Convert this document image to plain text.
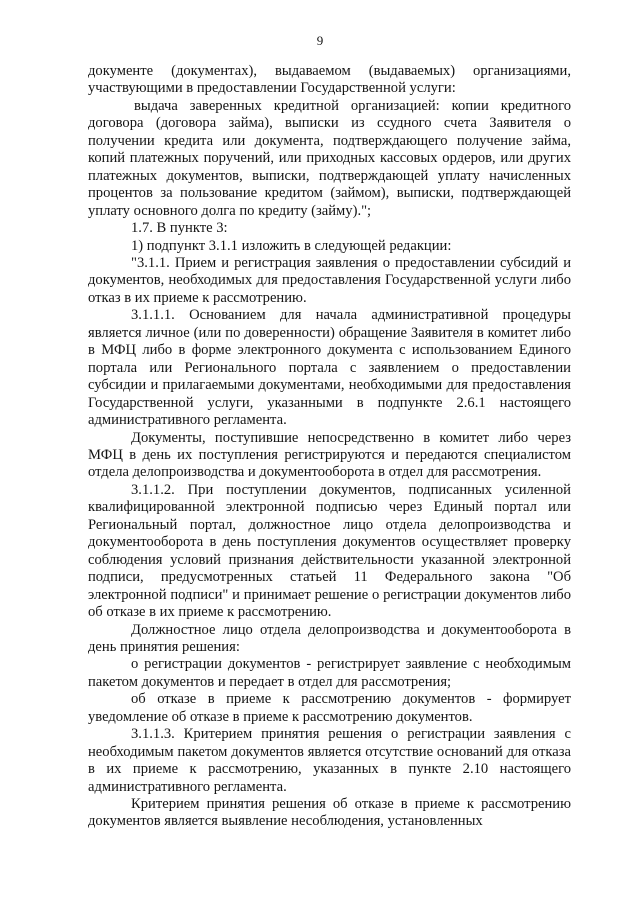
9

документе (документах), выдаваемом (выдаваемых) организациями, участвующими в предоставлении Государственной услуги:

выдача заверенных кредитной организацией: копии кредитного договора (договора займа), выписки из ссудного счета Заявителя о получении кредита или документа, подтверждающего получение займа, копий платежных поручений, или приходных кассовых ордеров, или других платежных документов, выписки, подтверждающей уплату начисленных процентов за пользование кредитом (займом), выписки, подтверждающей уплату основного долга по кредиту (займу).";

1.7. В пункте 3:

1) подпункт 3.1.1 изложить в следующей редакции:

"3.1.1. Прием и регистрация заявления о предоставлении субсидий и документов, необходимых для предоставления Государственной услуги либо отказ в их приеме к рассмотрению.

3.1.1.1. Основанием для начала административной процедуры является личное (или по доверенности) обращение Заявителя в комитет либо в МФЦ либо в форме электронного документа с использованием Единого портала или Регионального портала с заявлением о предоставлении субсидии и прилагаемыми документами, необходимыми для предоставления Государственной услуги, указанными в подпункте 2.6.1 настоящего административного регламента.

Документы, поступившие непосредственно в комитет либо через МФЦ в день их поступления регистрируются и передаются специалистом отдела делопроизводства и документооборота в отдел для рассмотрения.

3.1.1.2. При поступлении документов, подписанных усиленной квалифицированной электронной подписью через Единый портал или Региональный портал, должностное лицо отдела делопроизводства и документооборота в день поступления документов осуществляет проверку соблюдения условий признания действительности указанной электронной подписи, предусмотренных статьей 11 Федерального закона "Об электронной подписи" и принимает решение о регистрации документов либо об отказе в их приеме к рассмотрению.

Должностное лицо отдела делопроизводства и документооборота в день принятия решения:

о регистрации документов - регистрирует заявление с необходимым пакетом документов и передает в отдел для рассмотрения;

об отказе в приеме к рассмотрению документов - формирует уведомление об отказе в приеме к рассмотрению документов.

3.1.1.3. Критерием принятия решения о регистрации заявления с необходимым пакетом документов является отсутствие оснований для отказа в их приеме к рассмотрению, указанных в пункте 2.10 настоящего административного регламента.

Критерием принятия решения об отказе в приеме к рассмотрению документов является выявление несоблюдения, установленных
